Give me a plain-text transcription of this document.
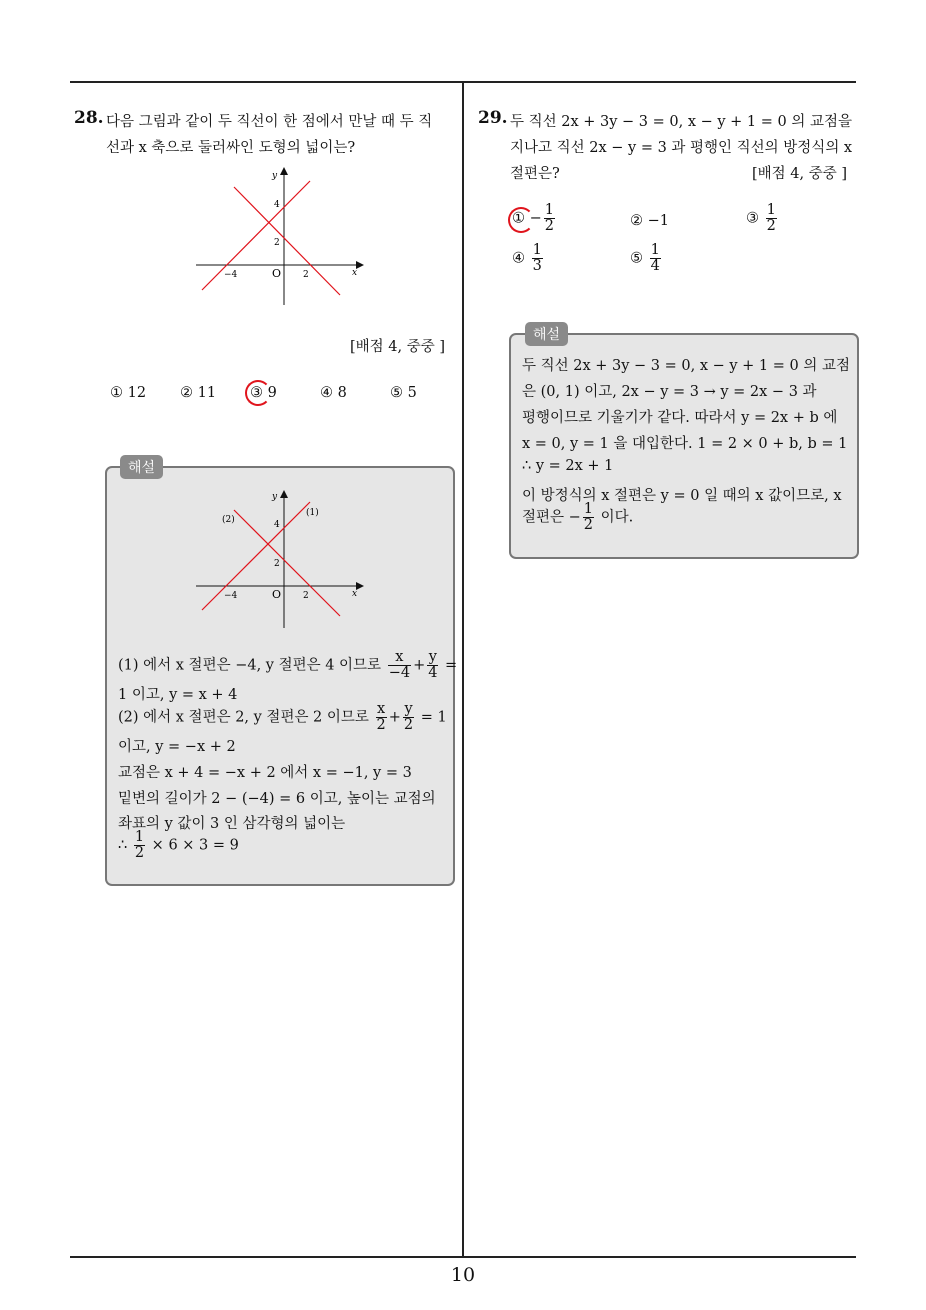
10
28. 다음 그림과 같이 두 직선이 한 점에서 만날 때 두 직
선과 x 축으로 둘러싸인 도형의 넓이는?
y
x
O
4
2
−4	2
[배점 4, 중중 ]
① 12 ② 11 ③ 9	④ 8	⑤ 5
해설
y
x
O
4
2
−4	2
(1)
(2)
(1) 에서 x 절편은 −4, y 절편은 4 이므로 $\frac{x}{-4} + \frac{y}{4}$ =
1 이고, y = x + 4
(2) 에서 x 절편은 2, y 절편은 2 이므로 $\frac{x}{2} + \frac{y}{2} = 1$
이고, y = −x + 2
교점은 x + 4 = −x + 2 에서 x = −1, y = 3
밑변의 길이가 2 − (−4) = 6 이고, 높이는 교점의
좌표의 y 값이 3 인 삼각형의 넓이는
∴ $\frac{1}{2} \times 6 \times 3 = 9$
29. 두 직선 2x + 3y − 3 = 0, x − y + 1 = 0 의 교점을
지나고 직선 2x − y = 3 과 평행인 직선의 방정식의 x
절편은?	[배점 4, 중중 ]
① − $\frac{1}{2}$	② −1	③ $\frac{1}{2}$
④ $\frac{1}{3}$	⑤ $\frac{1}{4}$
해설
두 직선 2x + 3y − 3 = 0, x − y + 1 = 0 의 교점
은 (0, 1) 이고, 2x − y = 3 → y = 2x − 3 과
평행이므로 기울기가 같다. 따라서 y = 2x + b 에
x = 0, y = 1 을 대입한다. 1 = 2 × 0 + b, b = 1
∴ y = 2x + 1
이 방정식의 x 절편은 y = 0 일 때의 x 값이므로, x
절편은 − $\frac{1}{2}$ 이다.
